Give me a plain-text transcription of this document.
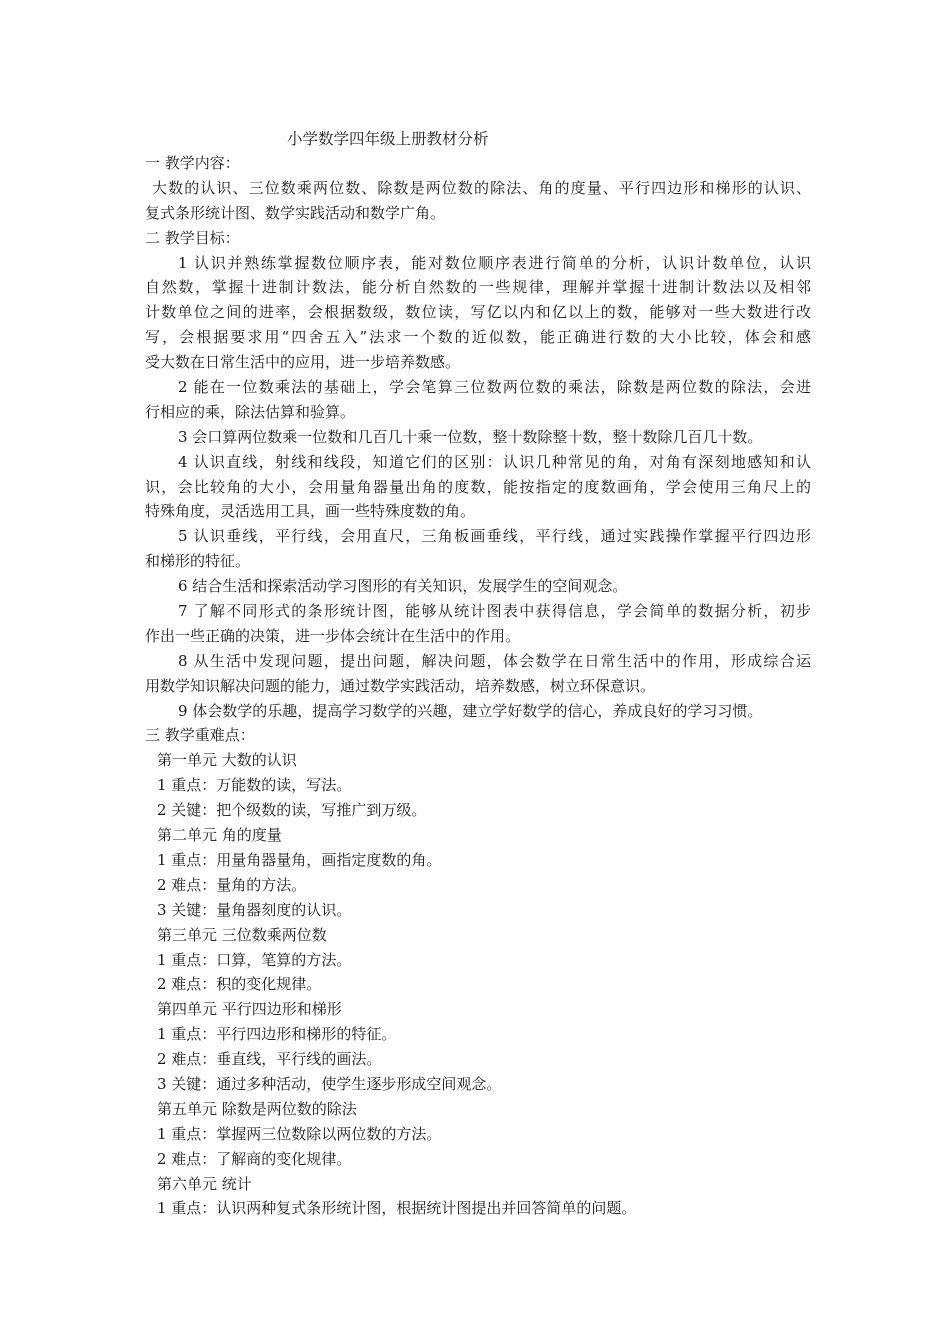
小学数学四年级上册教材分析
一 教学内容：
大数的认识、三位数乘两位数、除数是两位数的除法、角的度量、平行四边形和梯形的认识、
复式条形统计图、数学实践活动和数学广角。
二 教学目标：
1 认识并熟练掌握数位顺序表，能对数位顺序表进行简单的分析，认识计数单位，认识
自然数，掌握十进制计数法，能分析自然数的一些规律，理解并掌握十进制计数法以及相邻
计数单位之间的进率，会根据数级，数位读，写亿以内和亿以上的数，能够对一些大数进行改
写，会根据要求用“四舍五入”法求一个数的近似数，能正确进行数的大小比较，体会和感
受大数在日常生活中的应用，进一步培养数感。
2 能在一位数乘法的基础上，学会笔算三位数两位数的乘法，除数是两位数的除法，会进
行相应的乘，除法估算和验算。
3 会口算两位数乘一位数和几百几十乘一位数，整十数除整十数，整十数除几百几十数。
4 认识直线，射线和线段，知道它们的区别：认识几种常见的角，对角有深刻地感知和认
识，会比较角的大小，会用量角器量出角的度数，能按指定的度数画角，学会使用三角尺上的
特殊角度，灵活选用工具，画一些特殊度数的角。
5 认识垂线，平行线，会用直尺，三角板画垂线，平行线，通过实践操作掌握平行四边形
和梯形的特征。
6 结合生活和探索活动学习图形的有关知识，发展学生的空间观念。
7 了解不同形式的条形统计图，能够从统计图表中获得信息，学会简单的数据分析，初步
作出一些正确的决策，进一步体会统计在生活中的作用。
8 从生活中发现问题，提出问题，解决问题，体会数学在日常生活中的作用，形成综合运
用数学知识解决问题的能力，通过数学实践活动，培养数感，树立环保意识。
9 体会数学的乐趣，提高学习数学的兴趣，建立学好数学的信心，养成良好的学习习惯。
三 教学重难点：
第一单元 大数的认识
1 重点：万能数的读，写法。
2 关键：把个级数的读，写推广到万级。
第二单元 角的度量
1 重点：用量角器量角，画指定度数的角。
2 难点：量角的方法。
3 关键：量角器刻度的认识。
第三单元 三位数乘两位数
1 重点：口算，笔算的方法。
2 难点：积的变化规律。
第四单元 平行四边形和梯形
1 重点：平行四边形和梯形的特征。
2 难点：垂直线，平行线的画法。
3 关键：通过多种活动，使学生逐步形成空间观念。
第五单元 除数是两位数的除法
1 重点：掌握两三位数除以两位数的方法。
2 难点：了解商的变化规律。
第六单元 统计
1 重点：认识两种复式条形统计图，根据统计图提出并回答简单的问题。
